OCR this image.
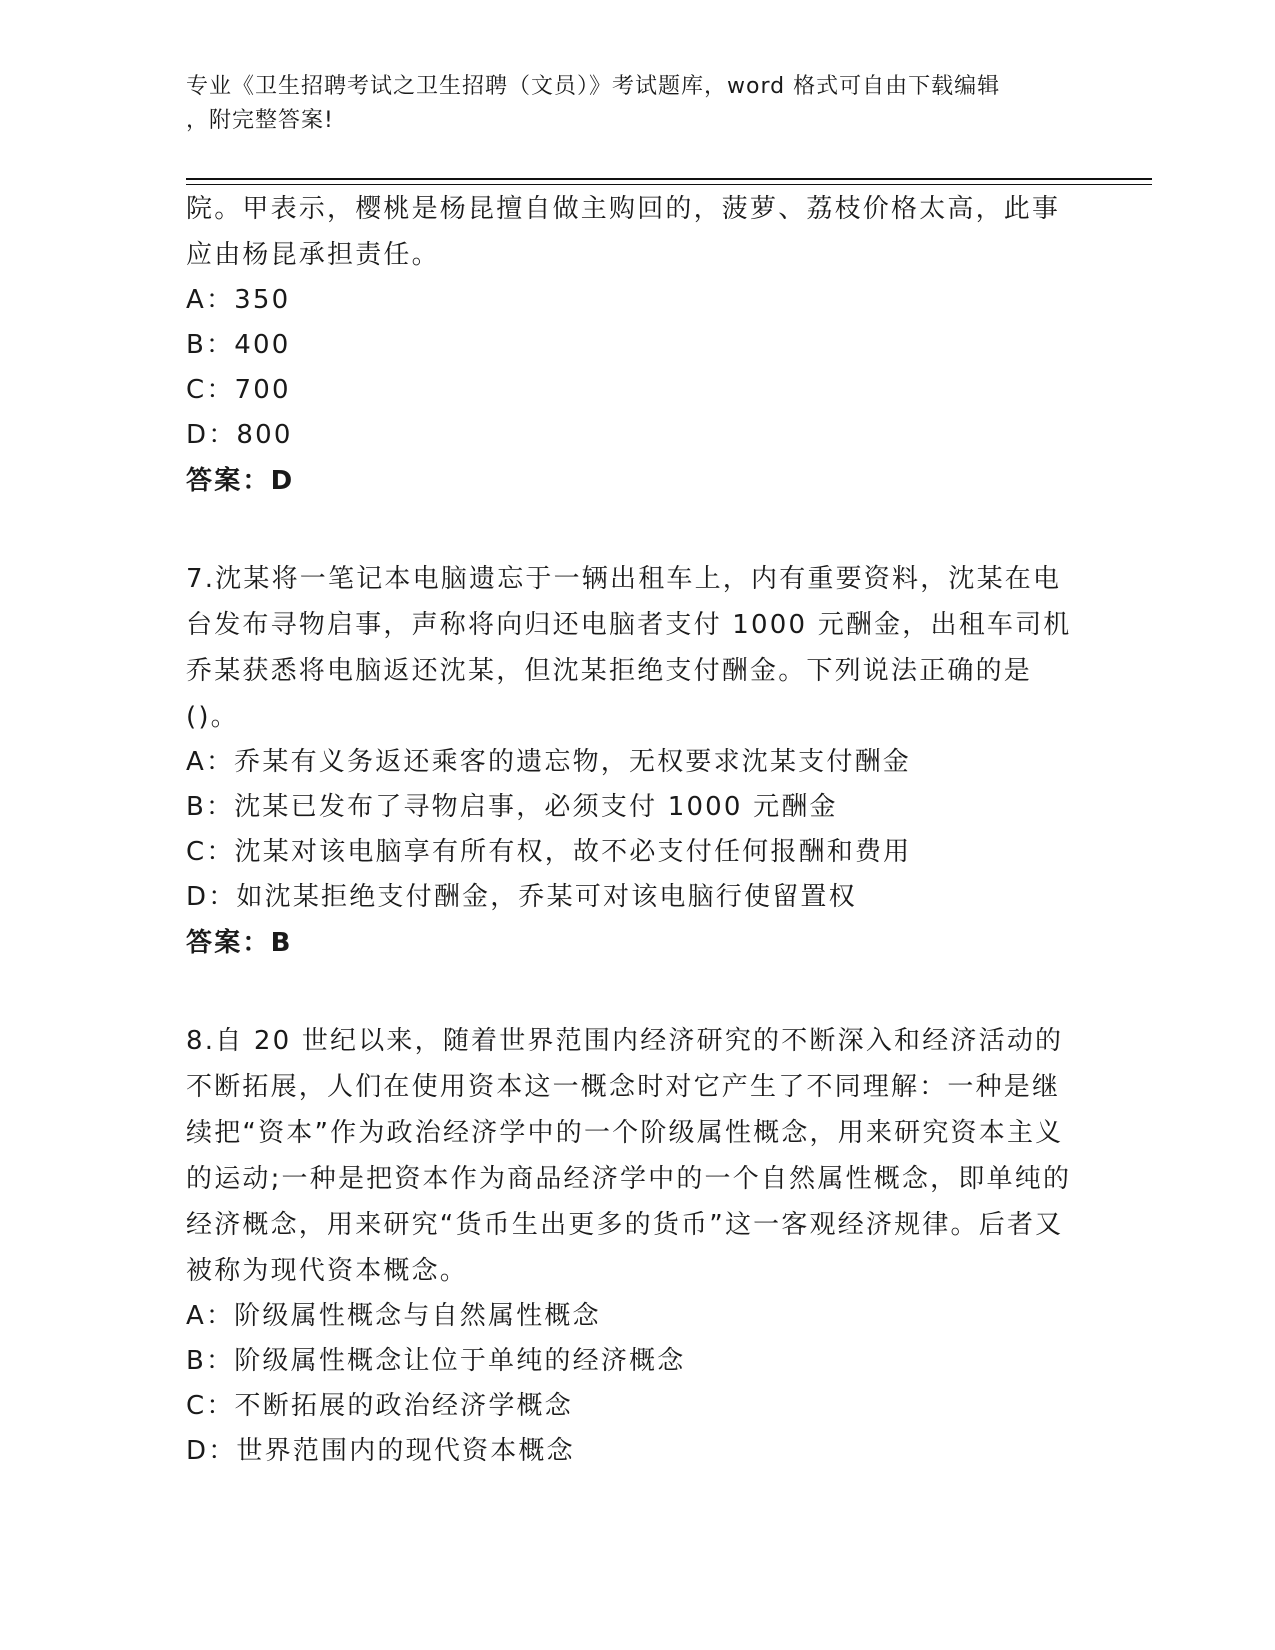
专业《卫生招聘考试之卫生招聘（文员）》考试题库，word 格式可自由下载编辑
，附完整答案!

院。甲表示，樱桃是杨昆擅自做主购回的，菠萝、荔枝价格太高，此事应由杨昆承担责任。

A：350

B：400

C：700

D：800

答案：D

7.沈某将一笔记本电脑遗忘于一辆出租车上，内有重要资料，沈某在电台发布寻物启事，声称将向归还电脑者支付 1000 元酬金，出租车司机乔某获悉将电脑返还沈某，但沈某拒绝支付酬金。下列说法正确的是()。

A：乔某有义务返还乘客的遗忘物，无权要求沈某支付酬金

B：沈某已发布了寻物启事，必须支付 1000 元酬金

C：沈某对该电脑享有所有权，故不必支付任何报酬和费用

D：如沈某拒绝支付酬金，乔某可对该电脑行使留置权

答案：B

8.自 20 世纪以来，随着世界范围内经济研究的不断深入和经济活动的不断拓展，人们在使用资本这一概念时对它产生了不同理解：一种是继续把“资本”作为政治经济学中的一个阶级属性概念，用来研究资本主义的运动;一种是把资本作为商品经济学中的一个自然属性概念，即单纯的经济概念，用来研究“货币生出更多的货币”这一客观经济规律。后者又被称为现代资本概念。

A：阶级属性概念与自然属性概念

B：阶级属性概念让位于单纯的经济概念

C：不断拓展的政治经济学概念

D：世界范围内的现代资本概念
